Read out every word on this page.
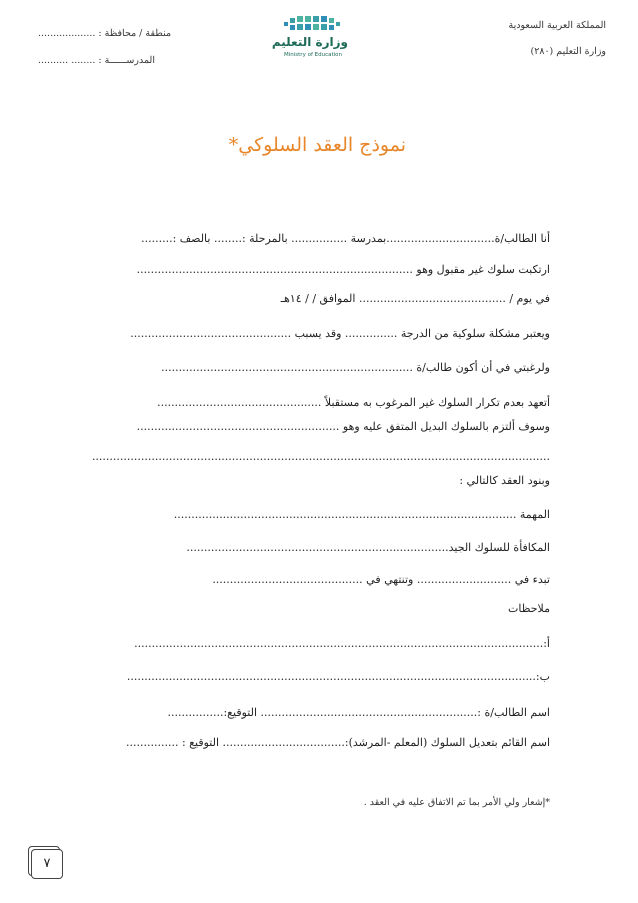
المملكة العربية السعودية
وزارة التعليم (٢٨٠)
منطقة / محافظة : ...................
المدرســــــة : ........ ..........
وزارة التعليم
Ministry of Education
نموذج العقد السلوكي*
أنا الطالب/ة...............................بمدرسة ................ بالمرحلة :........ بالصف :.........
ارتكبت سلوك غير مقبول وهو ...............................................................................
في يوم / .......................................... الموافق / / ١٤هـ
ويعتبر مشكلة سلوكية من الدرجة ............... وقد يسبب ..............................................
ولرغبتي في أن أكون طالب/ة ........................................................................
أتعهد بعدم تكرار السلوك غير المرغوب به مستقبلاً ...............................................
وسوف ألتزم بالسلوك البديل المتفق عليه وهو ..........................................................
...................................................................................................................................
وبنود العقد كالتالي :
المهمة ..................................................................................................
المكافأة للسلوك الجيد...........................................................................
تبدء في ........................... وتنتهي في ...........................................
ملاحظات
أ:.....................................................................................................................
ب:.....................................................................................................................
اسم الطالب/ة :.............................................................. التوقيع:................
اسم القائم بتعديل السلوك (المعلم -المرشد):................................... التوقيع : ...............
*إشعار ولي الأمر بما تم الاتفاق عليه في العقد .
٧
